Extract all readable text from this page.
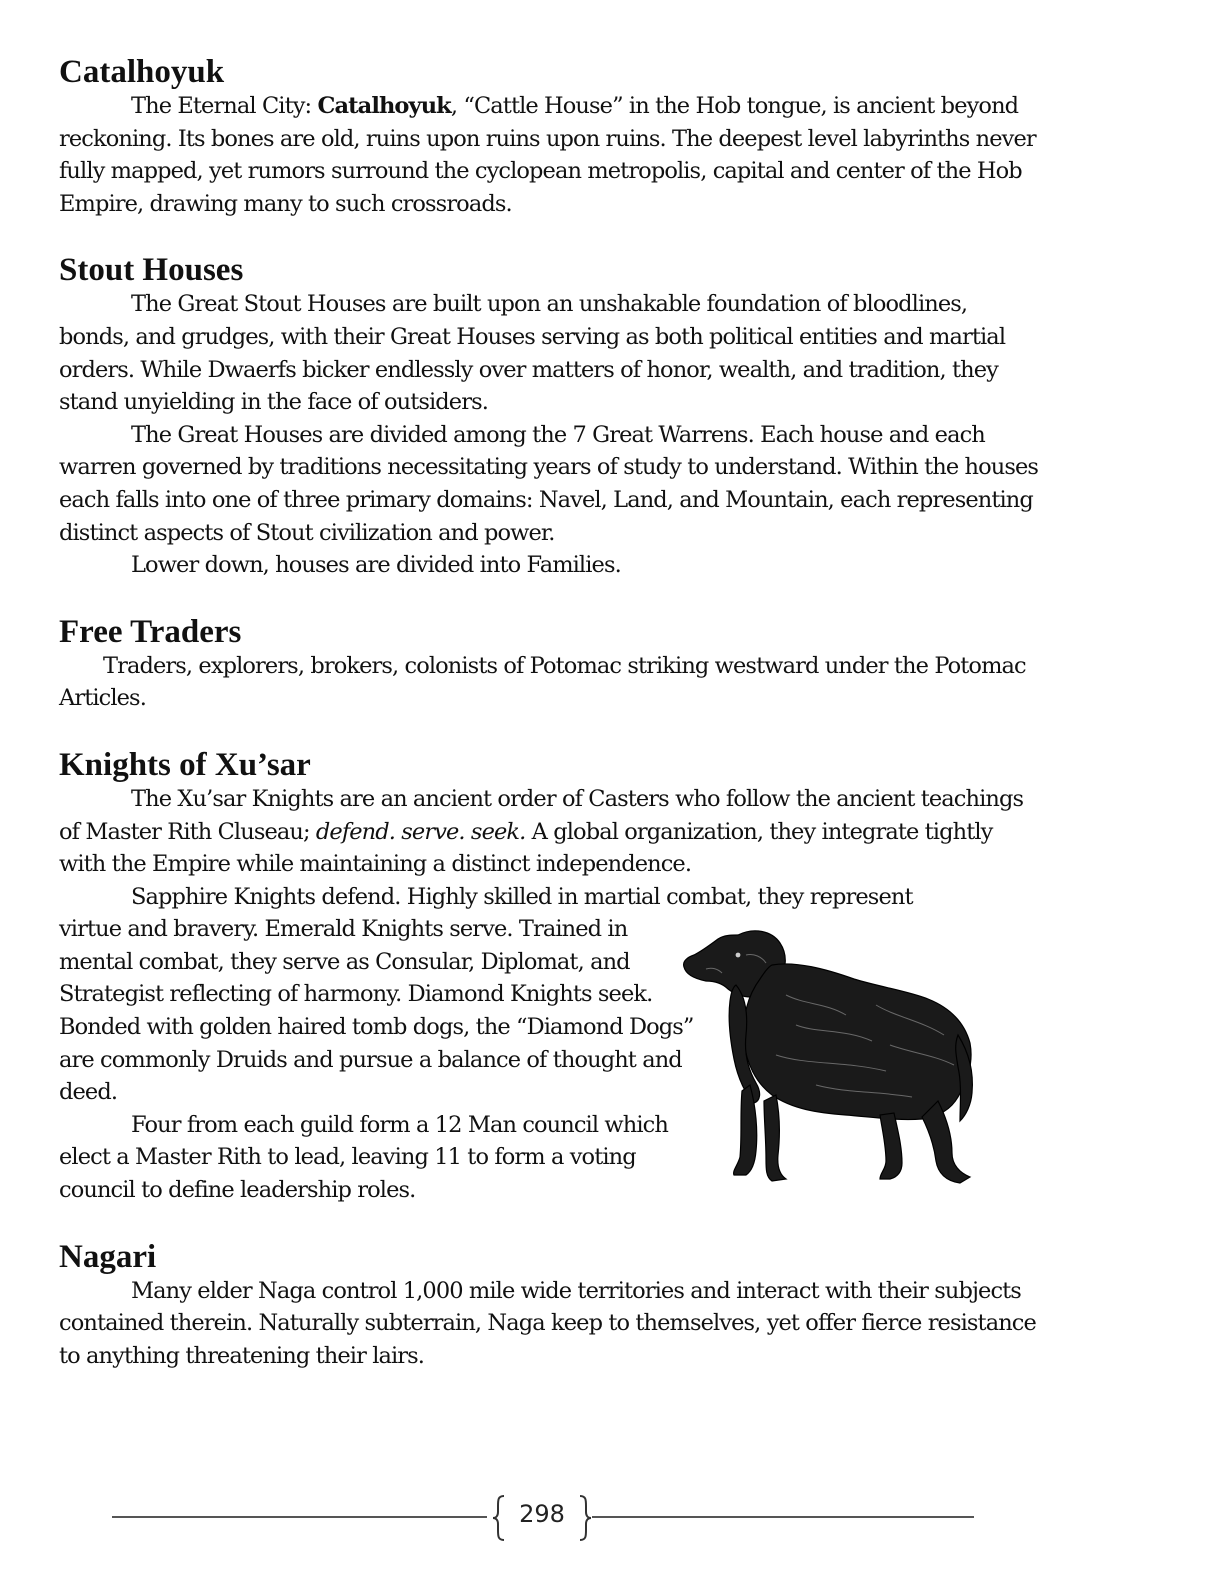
Catalhoyuk

The Eternal City: Catalhoyuk, “Cattle House” in the Hob tongue, is ancient beyond reckoning. Its bones are old, ruins upon ruins upon ruins. The deepest level labyrinths never fully mapped, yet rumors surround the cyclopean metropolis, capital and center of the Hob Empire, drawing many to such crossroads.

Stout Houses

The Great Stout Houses are built upon an unshakable foundation of bloodlines, bonds, and grudges, with their Great Houses serving as both political entities and martial orders. While Dwaerfs bicker endlessly over matters of honor, wealth, and tradition, they stand unyielding in the face of outsiders.

The Great Houses are divided among the 7 Great Warrens. Each house and each warren governed by traditions necessitating years of study to understand. Within the houses each falls into one of three primary domains: Navel, Land, and Mountain, each representing distinct aspects of Stout civilization and power.

Lower down, houses are divided into Families.

Free Traders

Traders, explorers, brokers, colonists of Potomac striking westward under the Potomac Articles.

Knights of Xu’sar

The Xu’sar Knights are an ancient order of Casters who follow the ancient teachings of Master Rith Cluseau; defend. serve. seek. A global organization, they integrate tightly with the Empire while maintaining a distinct independence.

Sapphire Knights defend. Highly skilled in martial combat, they represent

virtue and bravery. Emerald Knights serve. Trained in mental combat, they serve as Consular, Diplomat, and Strategist reflecting of harmony. Diamond Knights seek. Bonded with golden haired tomb dogs, the “Diamond Dogs” are commonly Druids and pursue a balance of thought and deed.

Four from each guild form a 12 Man council which elect a Master Rith to lead, leaving 11 to form a voting council to define leadership roles.

Nagari

Many elder Naga control 1,000 mile wide territories and interact with their subjects contained therein. Naturally subterrain, Naga keep to themselves, yet offer fierce resistance to anything threatening their lairs.

298
